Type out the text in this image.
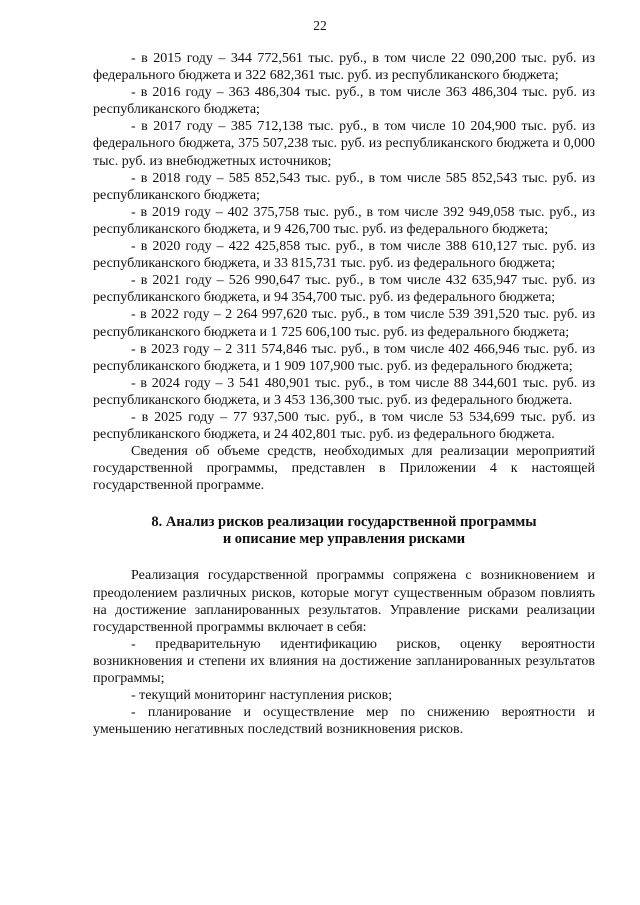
22

- в 2015 году – 344 772,561 тыс. руб., в том числе 22 090,200 тыс. руб. из федерального бюджета и 322 682,361 тыс. руб. из республиканского бюджета;

- в 2016 году – 363 486,304 тыс. руб., в том числе 363 486,304 тыс. руб. из республиканского бюджета;

- в 2017 году – 385 712,138 тыс. руб., в том числе 10 204,900 тыс. руб. из федерального бюджета, 375 507,238 тыс. руб. из республиканского бюджета и 0,000 тыс. руб. из внебюджетных источников;

- в 2018 году – 585 852,543 тыс. руб., в том числе 585 852,543 тыс. руб. из республиканского бюджета;

- в 2019 году – 402 375,758 тыс. руб., в том числе 392 949,058 тыс. руб., из республиканского бюджета, и 9 426,700 тыс. руб. из федерального бюджета;

- в 2020 году – 422 425,858 тыс. руб., в том числе 388 610,127 тыс. руб. из республиканского бюджета, и 33 815,731 тыс. руб. из федерального бюджета;

- в 2021 году – 526 990,647 тыс. руб., в том числе 432 635,947 тыс. руб. из республиканского бюджета, и 94 354,700 тыс. руб. из федерального бюджета;

- в 2022 году – 2 264 997,620 тыс. руб., в том числе 539 391,520 тыс. руб. из республиканского бюджета и 1 725 606,100 тыс. руб. из федерального бюджета;

- в 2023 году – 2 311 574,846 тыс. руб., в том числе 402 466,946 тыс. руб. из республиканского бюджета, и 1 909 107,900 тыс. руб. из федерального бюджета;

- в 2024 году – 3 541 480,901 тыс. руб., в том числе 88 344,601 тыс. руб. из республиканского бюджета, и 3 453 136,300 тыс. руб. из федерального бюджета.

- в 2025 году – 77 937,500 тыс. руб., в том числе 53 534,699 тыс. руб. из республиканского бюджета, и 24 402,801 тыс. руб. из федерального бюджета.

Сведения об объеме средств, необходимых для реализации мероприятий государственной программы, представлен в Приложении 4 к настоящей государственной программе.

8. Анализ рисков реализации государственной программы
и описание мер управления рисками

Реализация государственной программы сопряжена с возникновением и преодолением различных рисков, которые могут существенным образом повлиять на достижение запланированных результатов. Управление рисками реализации государственной программы включает в себя:

- предварительную идентификацию рисков, оценку вероятности возникновения и степени их влияния на достижение запланированных результатов программы;

- текущий мониторинг наступления рисков;

- планирование и осуществление мер по снижению вероятности и уменьшению негативных последствий возникновения рисков.
